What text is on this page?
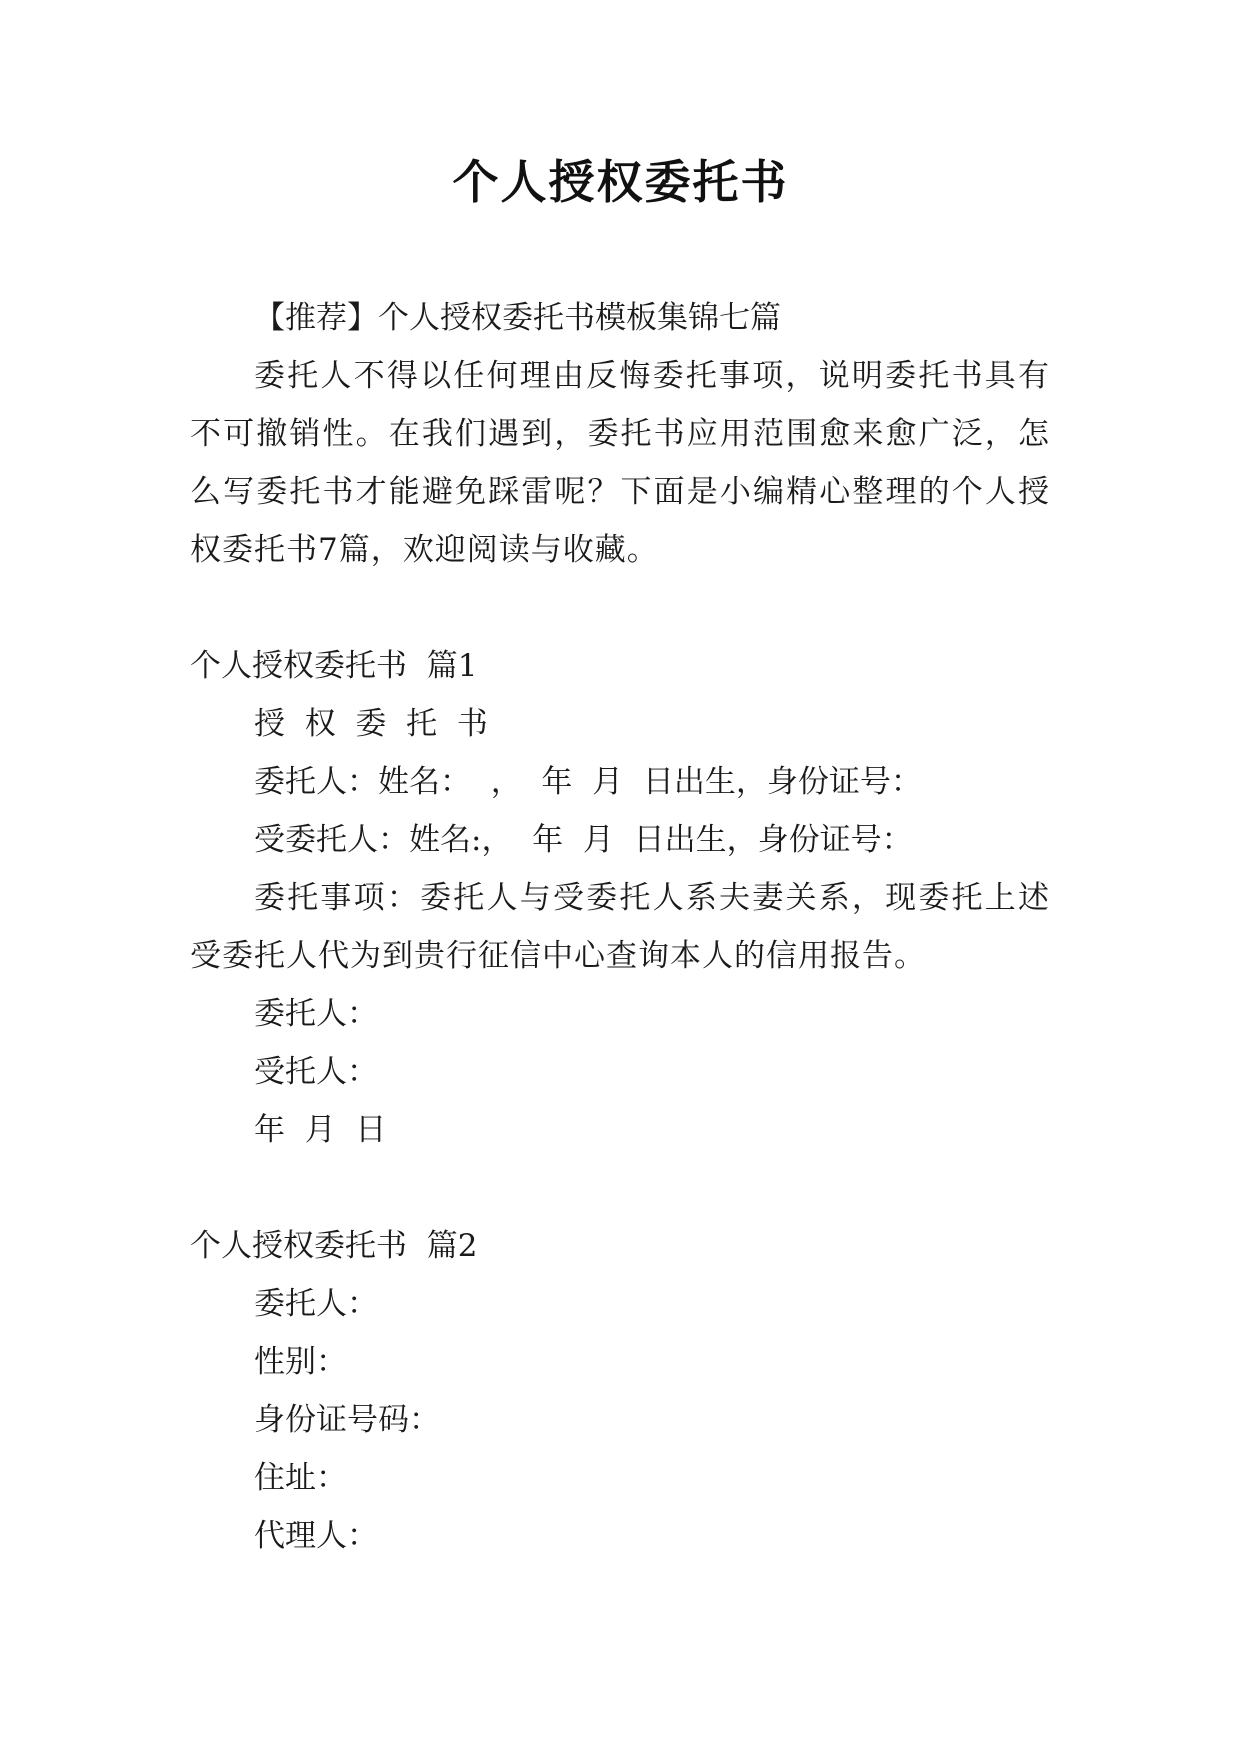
个人授权委托书

【推荐】个人授权委托书模板集锦七篇

委托人不得以任何理由反悔委托事项，说明委托书具有不可撤销性。在我们遇到，委托书应用范围愈来愈广泛，怎么写委托书才能避免踩雷呢？下面是小编精心整理的个人授权委托书7篇，欢迎阅读与收藏。

个人授权委托书  篇1

授  权  委  托  书

委托人：姓名：  ，  年  月  日出生，身份证号：

受委托人：姓名:，  年  月  日出生，身份证号：

委托事项：委托人与受委托人系夫妻关系，现委托上述受委托人代为到贵行征信中心查询本人的信用报告。

委托人：

受托人：

年  月  日

个人授权委托书  篇2

委托人：

性别：

身份证号码：

住址：

代理人：
